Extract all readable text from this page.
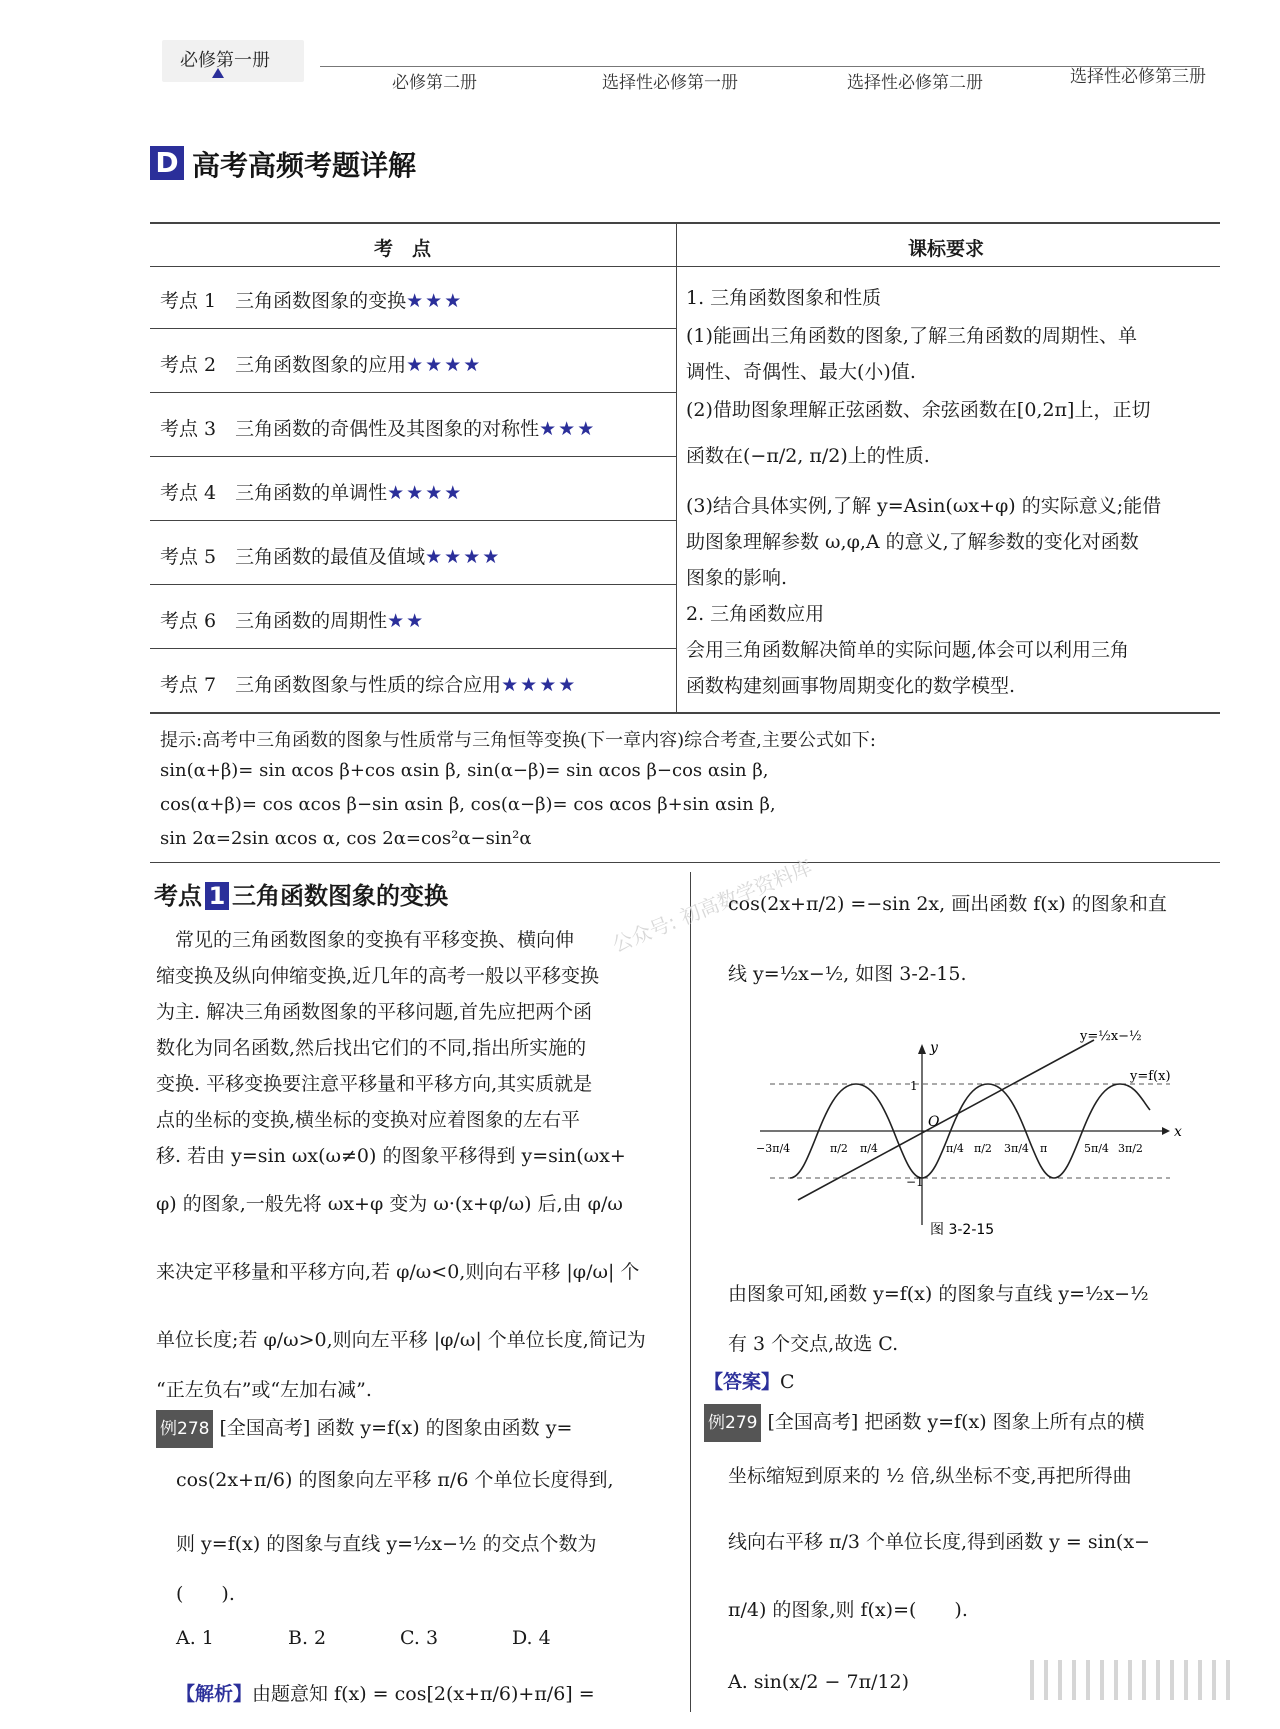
必修第一册
必修第二册	选择性必修第一册	选择性必修第二册	选择性必修第三册
D 高考高频考题详解
考　点	课标要求
考点 1　三角函数图象的变换★★★
考点 2　三角函数图象的应用★★★★
考点 3　三角函数的奇偶性及其图象的对称性★★★
考点 4　三角函数的单调性★★★★
考点 5　三角函数的最值及值域★★★★
考点 6　三角函数的周期性★★
考点 7　三角函数图象与性质的综合应用★★★★
1. 三角函数图象和性质
(1)能画出三角函数的图象,了解三角函数的周期性、单
调性、奇偶性、最大(小)值.
(2)借助图象理解正弦函数、余弦函数在[0,2π]上，正切
函数在(−π/2, π/2)上的性质.
(3)结合具体实例,了解 y=Asin(ωx+φ) 的实际意义;能借
助图象理解参数 ω,φ,A 的意义,了解参数的变化对函数
图象的影响.
2. 三角函数应用
会用三角函数解决简单的实际问题,体会可以利用三角
函数构建刻画事物周期变化的数学模型.
提示:高考中三角函数的图象与性质常与三角恒等变换(下一章内容)综合考查,主要公式如下:
sin(α+β)= sin αcos β+cos αsin β, sin(α−β)= sin αcos β−cos αsin β,
cos(α+β)= cos αcos β−sin αsin β, cos(α−β)= cos αcos β+sin αsin β,
sin 2α=2sin αcos α, cos 2α=cos²α−sin²α
公众号: 初高数学资料库
考点 1 三角函数图象的变换
　常见的三角函数图象的变换有平移变换、横向伸
缩变换及纵向伸缩变换,近几年的高考一般以平移变换
为主. 解决三角函数图象的平移问题,首先应把两个函
数化为同名函数,然后找出它们的不同,指出所实施的
变换. 平移变换要注意平移量和平移方向,其实质就是
点的坐标的变换,横坐标的变换对应着图象的左右平
移. 若由 y=sin ωx(ω≠0) 的图象平移得到 y=sin(ωx+
φ) 的图象,一般先将 ωx+φ 变为 ω·(x+φ/ω) 后,由 φ/ω
来决定平移量和平移方向,若 φ/ω<0,则向右平移 |φ/ω| 个
单位长度;若 φ/ω>0,则向左平移 |φ/ω| 个单位长度,简记为
“正左负右”或“左加右减”.
例278 [全国高考] 函数 y=f(x) 的图象由函数 y=
cos(2x+π/6) 的图象向左平移 π/6 个单位长度得到,
则 y=f(x) 的图象与直线 y=½x−½ 的交点个数为
(　　).
A. 1	B. 2	C. 3	D. 4
【解析】由题意知 f(x) = cos[2(x+π/6)+π/6] =
cos(2x+π/2) =−sin 2x, 画出函数 f(x) 的图象和直
线 y=½x−½, 如图 3-2-15.
y=½x−½
y=f(x)
y
x
O
1
−1
−3π/4	π/2 π/4	π/4 π/2 3π/4 π	5π/4 3π/2
图 3-2-15
由图象可知,函数 y=f(x) 的图象与直线 y=½x−½
有 3 个交点,故选 C.
【答案】C
例279 [全国高考] 把函数 y=f(x) 图象上所有点的横
坐标缩短到原来的 ½ 倍,纵坐标不变,再把所得曲
线向右平移 π/3 个单位长度,得到函数 y = sin(x−
π/4) 的图象,则 f(x)=(　　).
A. sin(x/2 − 7π/12)
